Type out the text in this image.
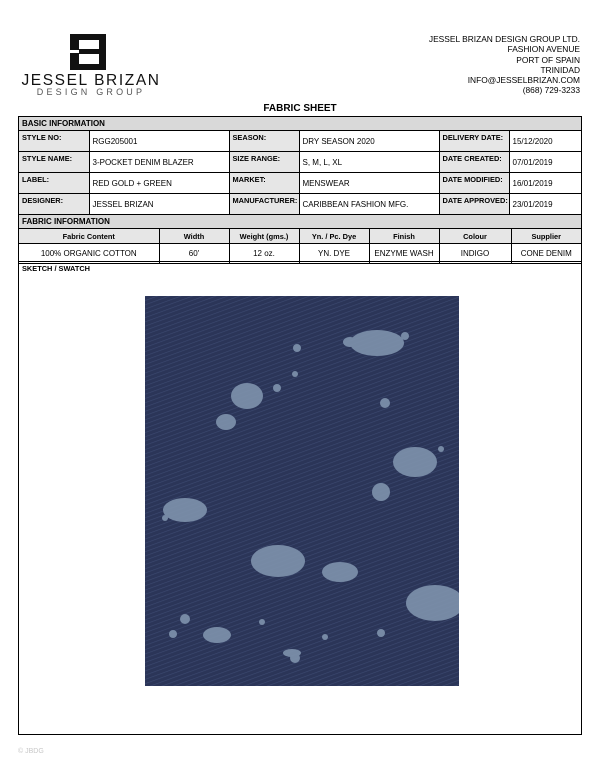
JESSEL BRIZAN
DESIGN GROUP
JESSEL BRIZAN DESIGN GROUP LTD.
FASHION AVENUE
PORT OF SPAIN
TRINIDAD
INFO@JESSELBRIZAN.COM
(868) 729-3233
FABRIC SHEET
BASIC INFORMATION
STYLE NO:	RGG205001	SEASON:	DRY SEASON 2020	DELIVERY DATE:	15/12/2020
STYLE NAME:	3-POCKET DENIM BLAZER	SIZE RANGE:	S, M, L, XL	DATE CREATED:	07/01/2019
LABEL:	RED GOLD + GREEN	MARKET:	MENSWEAR	DATE MODIFIED:	16/01/2019
DESIGNER:	JESSEL BRIZAN	MANUFACTURER:	CARIBBEAN FASHION MFG.	DATE APPROVED:	23/01/2019
FABRIC INFORMATION
Fabric Content	Width	Weight (gms.)	Yn. / Pc. Dye	Finish	Colour	Supplier
100% ORGANIC COTTON	60'	12 oz.	YN. DYE	ENZYME WASH	INDIGO	CONE DENIM
SKETCH / SWATCH
© JBDG
